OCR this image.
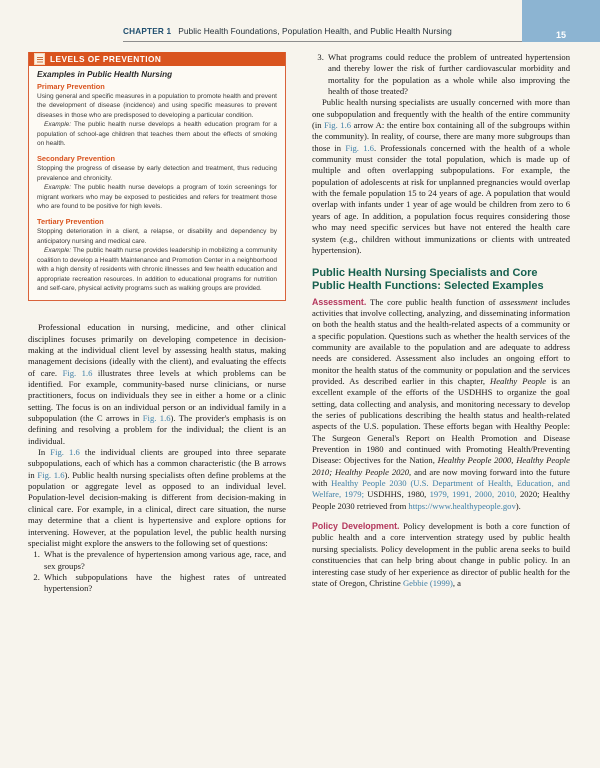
CHAPTER 1 Public Health Foundations, Population Health, and Public Health Nursing	15
LEVELS OF PREVENTION
Examples in Public Health Nursing
Primary Prevention

Using general and specific measures in a population to promote health and prevent the development of disease (incidence) and using specific measures to prevent diseases in those who are predisposed to developing a particular condition.

Example: The public health nurse develops a health education program for a population of school-age children that teaches them about the effects of smoking on health.

Secondary Prevention

Stopping the progress of disease by early detection and treatment, thus reducing prevalence and chronicity.

Example: The public health nurse develops a program of toxin screenings for migrant workers who may be exposed to pesticides and refers for treatment those who are found to be positive for high levels.

Tertiary Prevention

Stopping deterioration in a client, a relapse, or disability and dependency by anticipatory nursing and medical care.

Example: The public health nurse provides leadership in mobilizing a community coalition to develop a Health Maintenance and Promotion Center in a neighborhood with a high density of residents with chronic illnesses and few health education and appropriate recreation resources. In addition to educational programs for nutrition and self-care, physical activity programs such as walking groups are provided.

Professional education in nursing, medicine, and other clinical disciplines focuses primarily on developing competence in decision-making at the individual client level by assessing health status, making management decisions (ideally with the client), and evaluating the effects of care. Fig. 1.6 illustrates three levels at which problems can be identified. For example, community-based nurse clinicians, or nurse practitioners, focus on individuals they see in either a home or a clinic setting. The focus is on an individual person or an individual family in a subpopulation (the C arrows in Fig. 1.6). The provider's emphasis is on defining and resolving a problem for the individual; the client is an individual.

In Fig. 1.6 the individual clients are grouped into three separate subpopulations, each of which has a common characteristic (the B arrows in Fig. 1.6). Public health nursing specialists often define problems at the population or aggregate level as opposed to an individual level. Population-level decision-making is different from decision-making in clinical care. For example, in a clinical, direct care situation, the nurse may determine that a client is hypertensive and explore options for intervening. However, at the population level, the public health nursing specialist might explore the answers to the following set of questions:

1. What is the prevalence of hypertension among various age, race, and sex groups?
2. Which subpopulations have the highest rates of untreated hypertension?
3. What programs could reduce the problem of untreated hypertension and thereby lower the risk of further cardiovascular morbidity and mortality for the population as a whole while also improving the health of those treated?

Public health nursing specialists are usually concerned with more than one subpopulation and frequently with the health of the entire community (in Fig. 1.6 arrow A: the entire box containing all of the subgroups within the community). In reality, of course, there are many more subgroups than those in Fig. 1.6. Professionals concerned with the health of a whole community must consider the total population, which is made up of multiple and often overlapping subpopulations. For example, the population of adolescents at risk for unplanned pregnancies would overlap with the female population 15 to 24 years of age. A population that would overlap with infants under 1 year of age would be children from zero to 6 years of age. In addition, a population focus requires considering those who may need specific services but have not entered the health care system (e.g., children without immunizations or clients with untreated hypertension).

Public Health Nursing Specialists and Core Public Health Functions: Selected Examples

Assessment. The core public health function of assessment includes activities that involve collecting, analyzing, and disseminating information on both the health status and the health-related aspects of a community or a specific population. Questions such as whether the health services of the community are available to the population and are adequate to address needs are considered. Assessment also includes an ongoing effort to monitor the health status of the community or population and the services provided. As described earlier in this chapter, Healthy People is an excellent example of the efforts of the USDHHS to organize the goal setting, data collecting and analysis, and monitoring necessary to develop the series of publications describing the health status and health-related aspects of the U.S. population. These efforts began with Healthy People: The Surgeon General's Report on Health Promotion and Disease Prevention in 1980 and continued with Promoting Health/Preventing Disease: Objectives for the Nation, Healthy People 2000, Healthy People 2010; Healthy People 2020, and are now moving forward into the future with Healthy People 2030 (U.S. Department of Health, Education, and Welfare, 1979; USDHHS, 1980, 1979, 1991, 2000, 2010, 2020; Healthy People 2030 retrieved from https://www.healthypeople.gov).

Policy Development. Policy development is both a core function of public health and a core intervention strategy used by public health nursing specialists. Policy development in the public arena seeks to build constituencies that can help bring about change in public policy. In an interesting case study of her experience as director of public health for the state of Oregon, Christine Gebbie (1999), a
